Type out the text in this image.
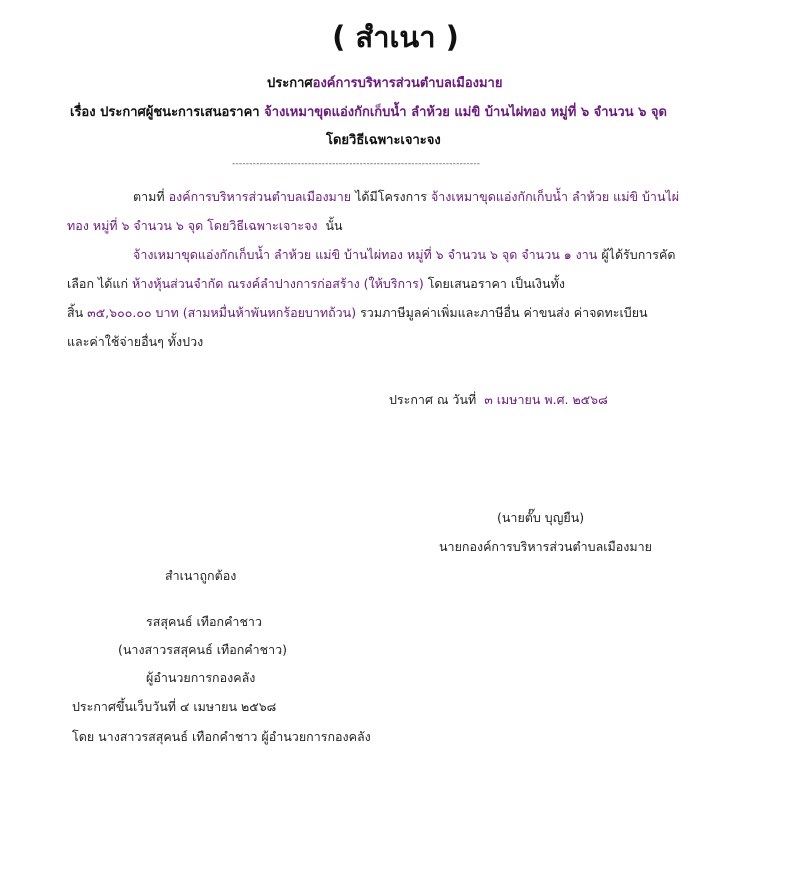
( สำเนา )
ประกาศองค์การบริหารส่วนตำบลเมืองมาย
เรื่อง ประกาศผู้ชนะการเสนอราคา จ้างเหมาขุดแอ่งกักเก็บน้ำ ลำห้วย แม่ขิ บ้านไผ่ทอง หมู่ที่ ๖ จำนวน ๖ จุด
โดยวิธีเฉพาะเจาะจง
------------------------------------------------------------------------
ตามที่ องค์การบริหารส่วนตำบลเมืองมาย ได้มีโครงการ จ้างเหมาขุดแอ่งกักเก็บน้ำ ลำห้วย แม่ขิ บ้านไผ่
ทอง หมู่ที่ ๖ จำนวน ๖ จุด โดยวิธีเฉพาะเจาะจง นั้น
จ้างเหมาขุดแอ่งกักเก็บน้ำ ลำห้วย แม่ขิ บ้านไผ่ทอง หมู่ที่ ๖ จำนวน ๖ จุด จำนวน ๑ งาน ผู้ได้รับการคัด
เลือก ได้แก่ ห้างหุ้นส่วนจำกัด ณรงค์ลำปางการก่อสร้าง (ให้บริการ) โดยเสนอราคา เป็นเงินทั้ง
สิ้น ๓๕,๖๐๐.๐๐ บาท (สามหมื่นห้าพันหกร้อยบาทถ้วน) รวมภาษีมูลค่าเพิ่มและภาษีอื่น ค่าขนส่ง ค่าจดทะเบียน
และค่าใช้จ่ายอื่นๆ ทั้งปวง
ประกาศ ณ วันที่ ๓ เมษายน พ.ศ. ๒๕๖๘
(นายตั๊บ บุญยืน)
นายกองค์การบริหารส่วนตำบลเมืองมาย
สำเนาถูกต้อง
รสสุคนธ์ เทือกคำชาว
(นางสาวรสสุคนธ์ เทือกคำชาว)
ผู้อำนวยการกองคลัง
ประกาศขึ้นเว็บวันที่ ๔ เมษายน ๒๕๖๘
โดย นางสาวรสสุคนธ์ เทือกคำชาว ผู้อำนวยการกองคลัง
